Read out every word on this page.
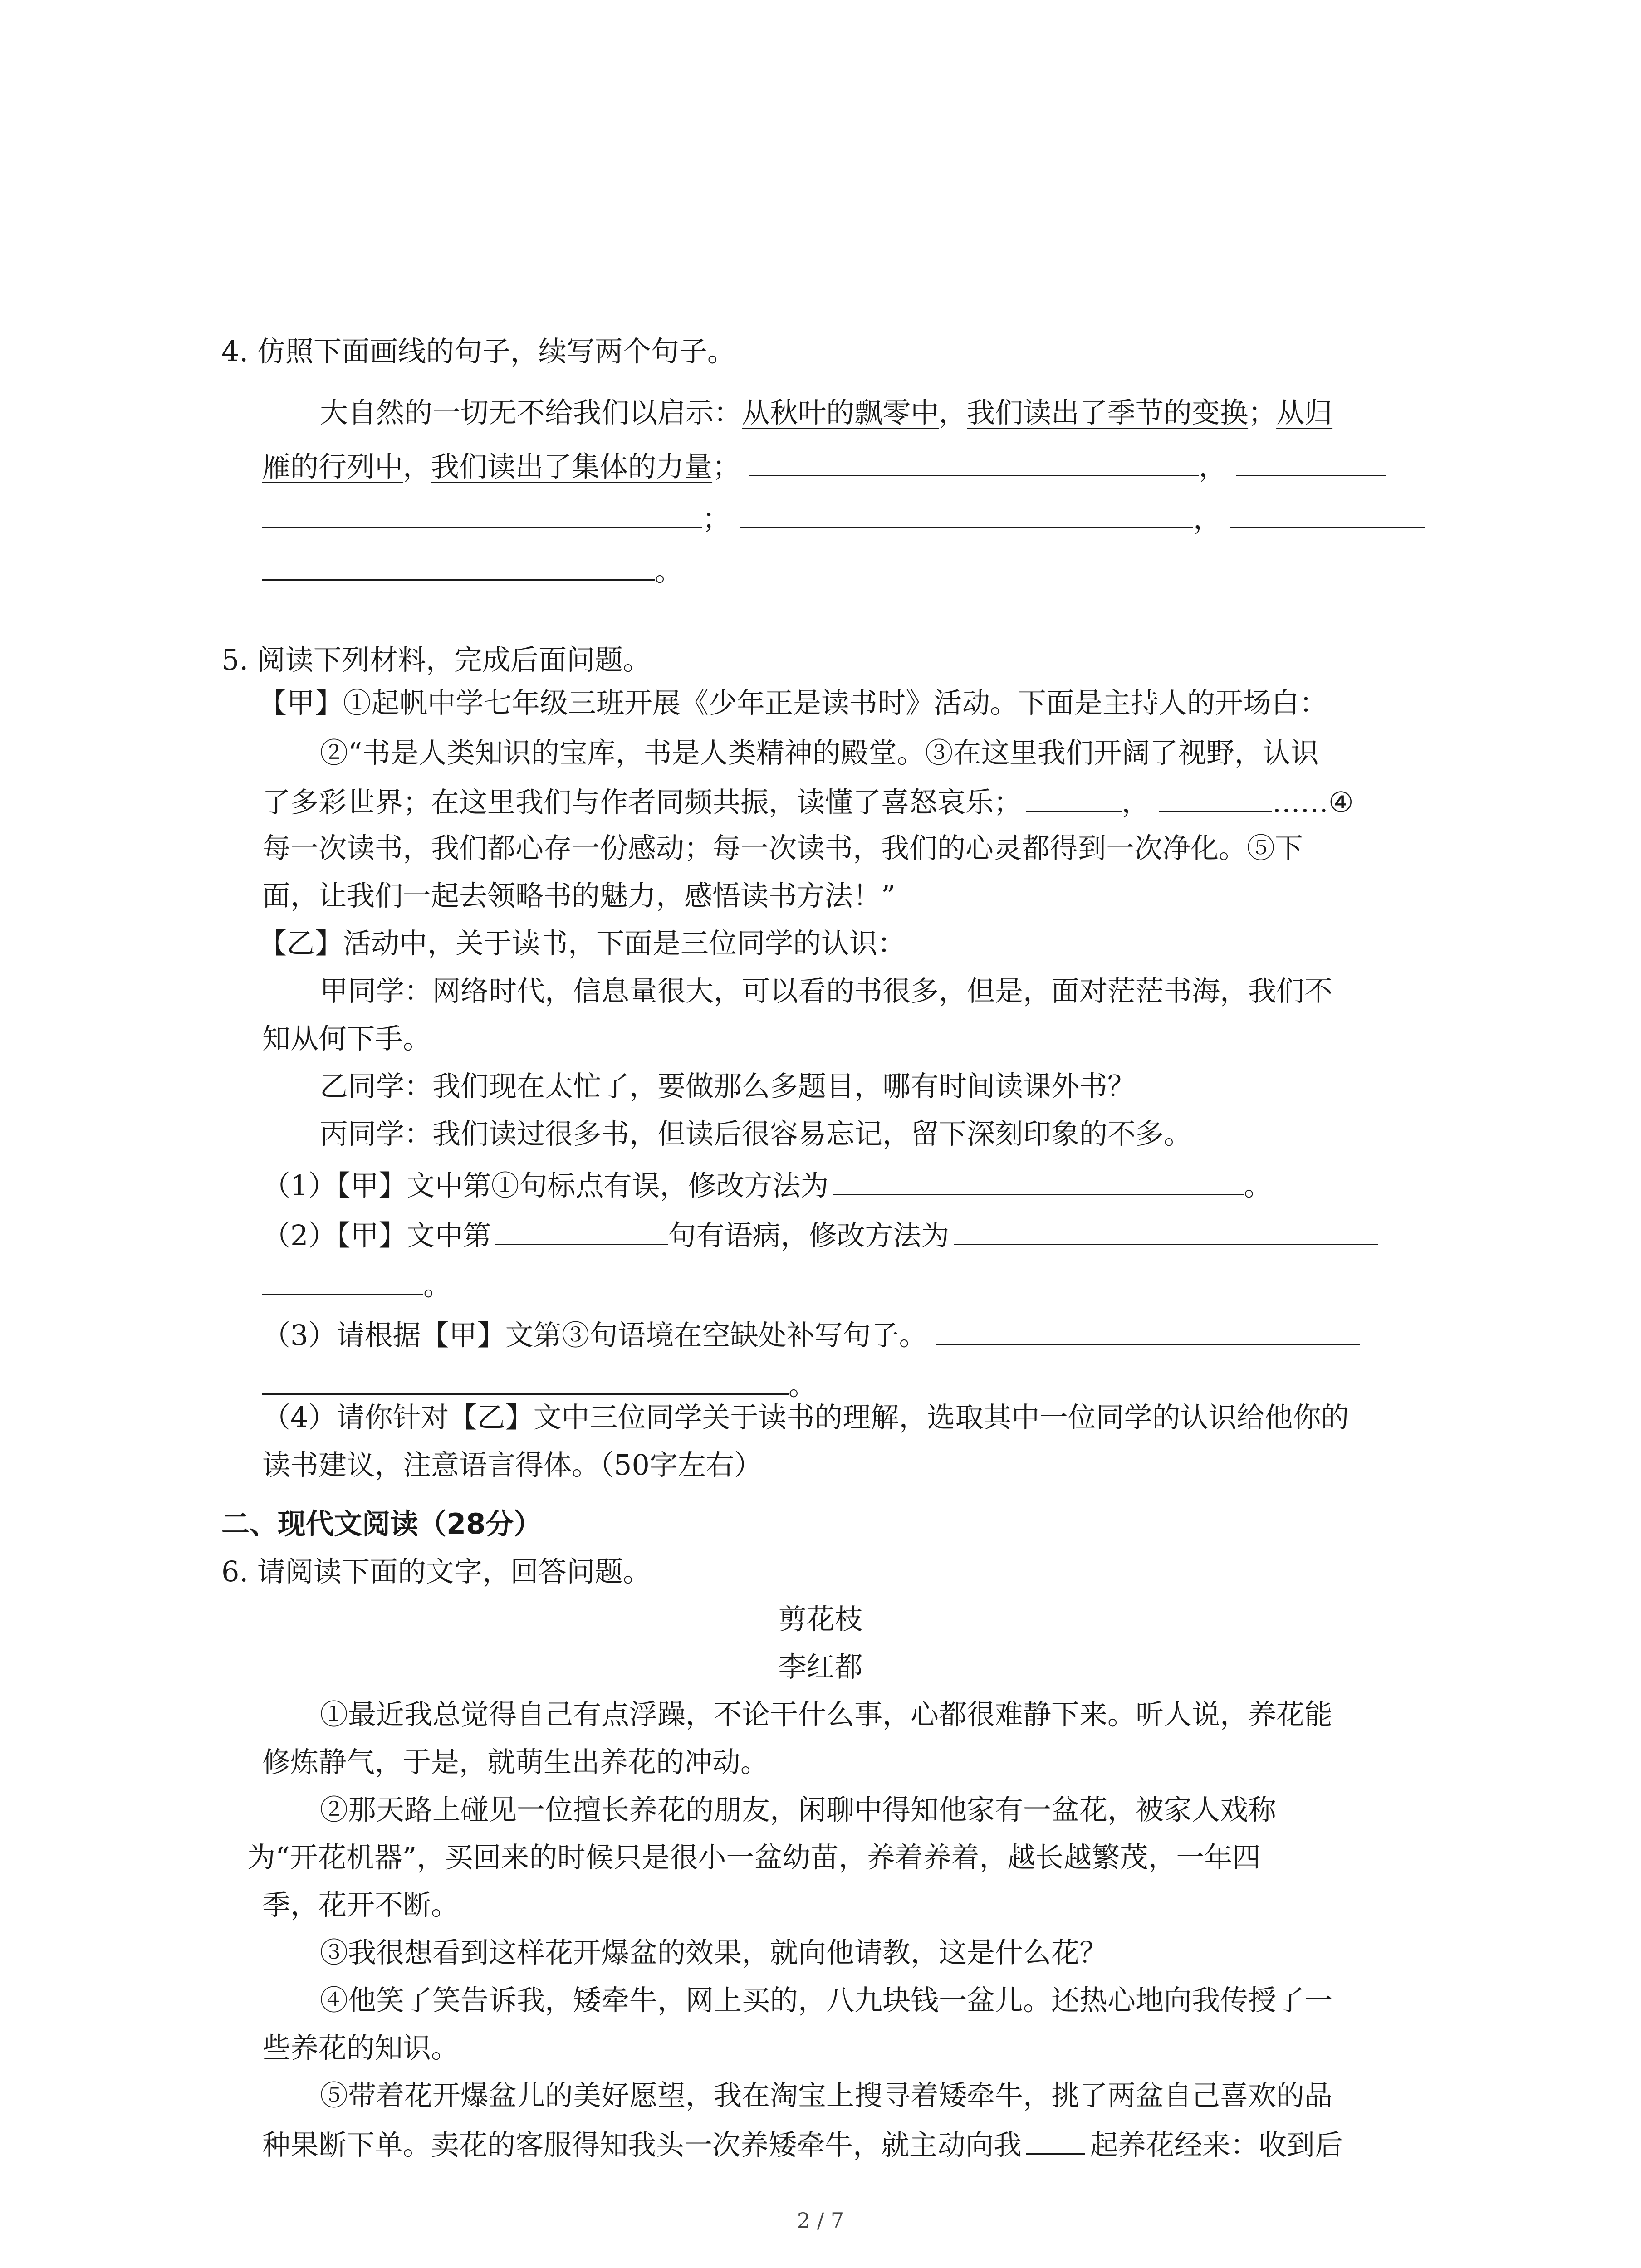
4. 仿照下面画线的句子，续写两个句子。
大自然的一切无不给我们以启示：从秋叶的飘零中，我们读出了季节的变换；从归
雁的行列中，我们读出了集体的力量；	，
；	，
。
5. 阅读下列材料，完成后面问题。
【甲】①起帆中学七年级三班开展《少年正是读书时》活动。下面是主持人的开场白：
②“书是人类知识的宝库，书是人类精神的殿堂。③在这里我们开阔了视野，认识
了多彩世界；在这里我们与作者同频共振，读懂了喜怒哀乐；	，	……④
每一次读书，我们都心存一份感动；每一次读书，我们的心灵都得到一次净化。⑤下
面，让我们一起去领略书的魅力，感悟读书方法！”
【乙】活动中，关于读书，下面是三位同学的认识：
甲同学：网络时代，信息量很大，可以看的书很多，但是，面对茫茫书海，我们不
知从何下手。
乙同学：我们现在太忙了，要做那么多题目，哪有时间读课外书？
丙同学：我们读过很多书，但读后很容易忘记，留下深刻印象的不多。
（1）【甲】文中第①句标点有误，修改方法为	。
（2）【甲】文中第	句有语病，修改方法为
。
（3）请根据【甲】文第③句语境在空缺处补写句子。
。
（4）请你针对【乙】文中三位同学关于读书的理解，选取其中一位同学的认识给他你的
读书建议，注意语言得体。（50字左右）
二、现代文阅读（28分）
6. 请阅读下面的文字，回答问题。
剪花枝
李红都
①最近我总觉得自己有点浮躁，不论干什么事，心都很难静下来。听人说，养花能
修炼静气，于是，就萌生出养花的冲动。
②那天路上碰见一位擅长养花的朋友，闲聊中得知他家有一盆花，被家人戏称
为“开花机器”，买回来的时候只是很小一盆幼苗，养着养着，越长越繁茂，一年四
季，花开不断。
③我很想看到这样花开爆盆的效果，就向他请教，这是什么花？
④他笑了笑告诉我，矮牵牛，网上买的，八九块钱一盆儿。还热心地向我传授了一
些养花的知识。
⑤带着花开爆盆儿的美好愿望，我在淘宝上搜寻着矮牵牛，挑了两盆自己喜欢的品
种果断下单。卖花的客服得知我头一次养矮牵牛，就主动向我 起养花经来：收到后
2 / 7
